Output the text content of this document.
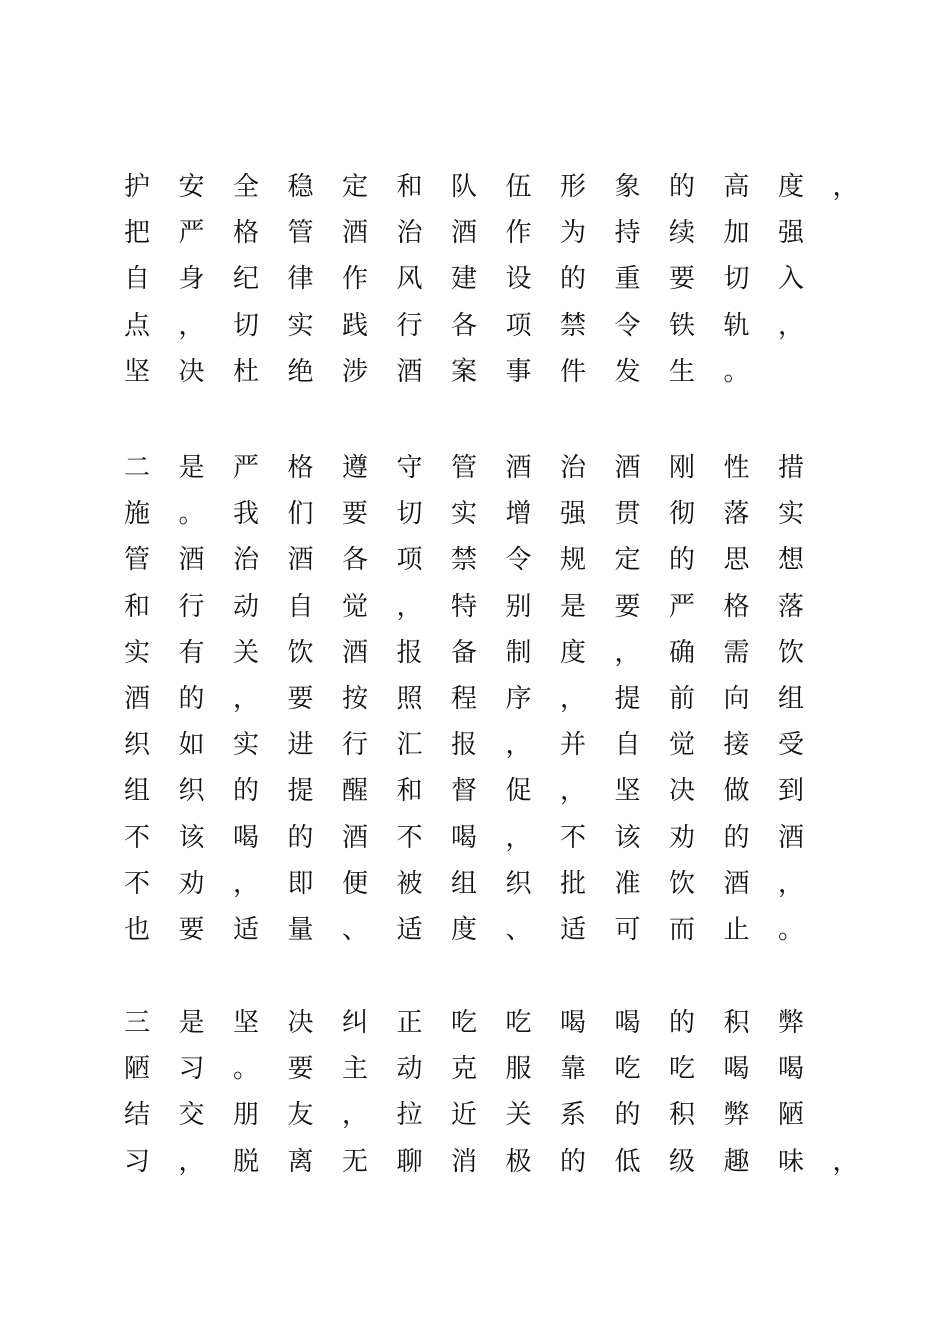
护 安 全 稳 定 和 队 伍 形 象 的 高 度 ，
把 严 格 管 酒 治 酒 作 为 持 续 加 强
自 身 纪 律 作 风 建 设 的 重 要 切 入
点 ， 切 实 践 行 各 项 禁 令 铁 轨 ，
坚 决 杜 绝 涉 酒 案 事 件 发 生 。
二 是 严 格 遵 守 管 酒 治 酒 刚 性 措
施 。 我 们 要 切 实 增 强 贯 彻 落 实
管 酒 治 酒 各 项 禁 令 规 定 的 思 想
和 行 动 自 觉 ， 特 别 是 要 严 格 落
实 有 关 饮 酒 报 备 制 度 ， 确 需 饮
酒 的 ， 要 按 照 程 序 ， 提 前 向 组
织 如 实 进 行 汇 报 ， 并 自 觉 接 受
组 织 的 提 醒 和 督 促 ， 坚 决 做 到
不 该 喝 的 酒 不 喝 ， 不 该 劝 的 酒
不 劝 ， 即 便 被 组 织 批 准 饮 酒 ，
也 要 适 量 、 适 度 、 适 可 而 止 。
三 是 坚 决 纠 正 吃 吃 喝 喝 的 积 弊
陋 习 。 要 主 动 克 服 靠 吃 吃 喝 喝
结 交 朋 友 ， 拉 近 关 系 的 积 弊 陋
习 ， 脱 离 无 聊 消 极 的 低 级 趣 味 ，
